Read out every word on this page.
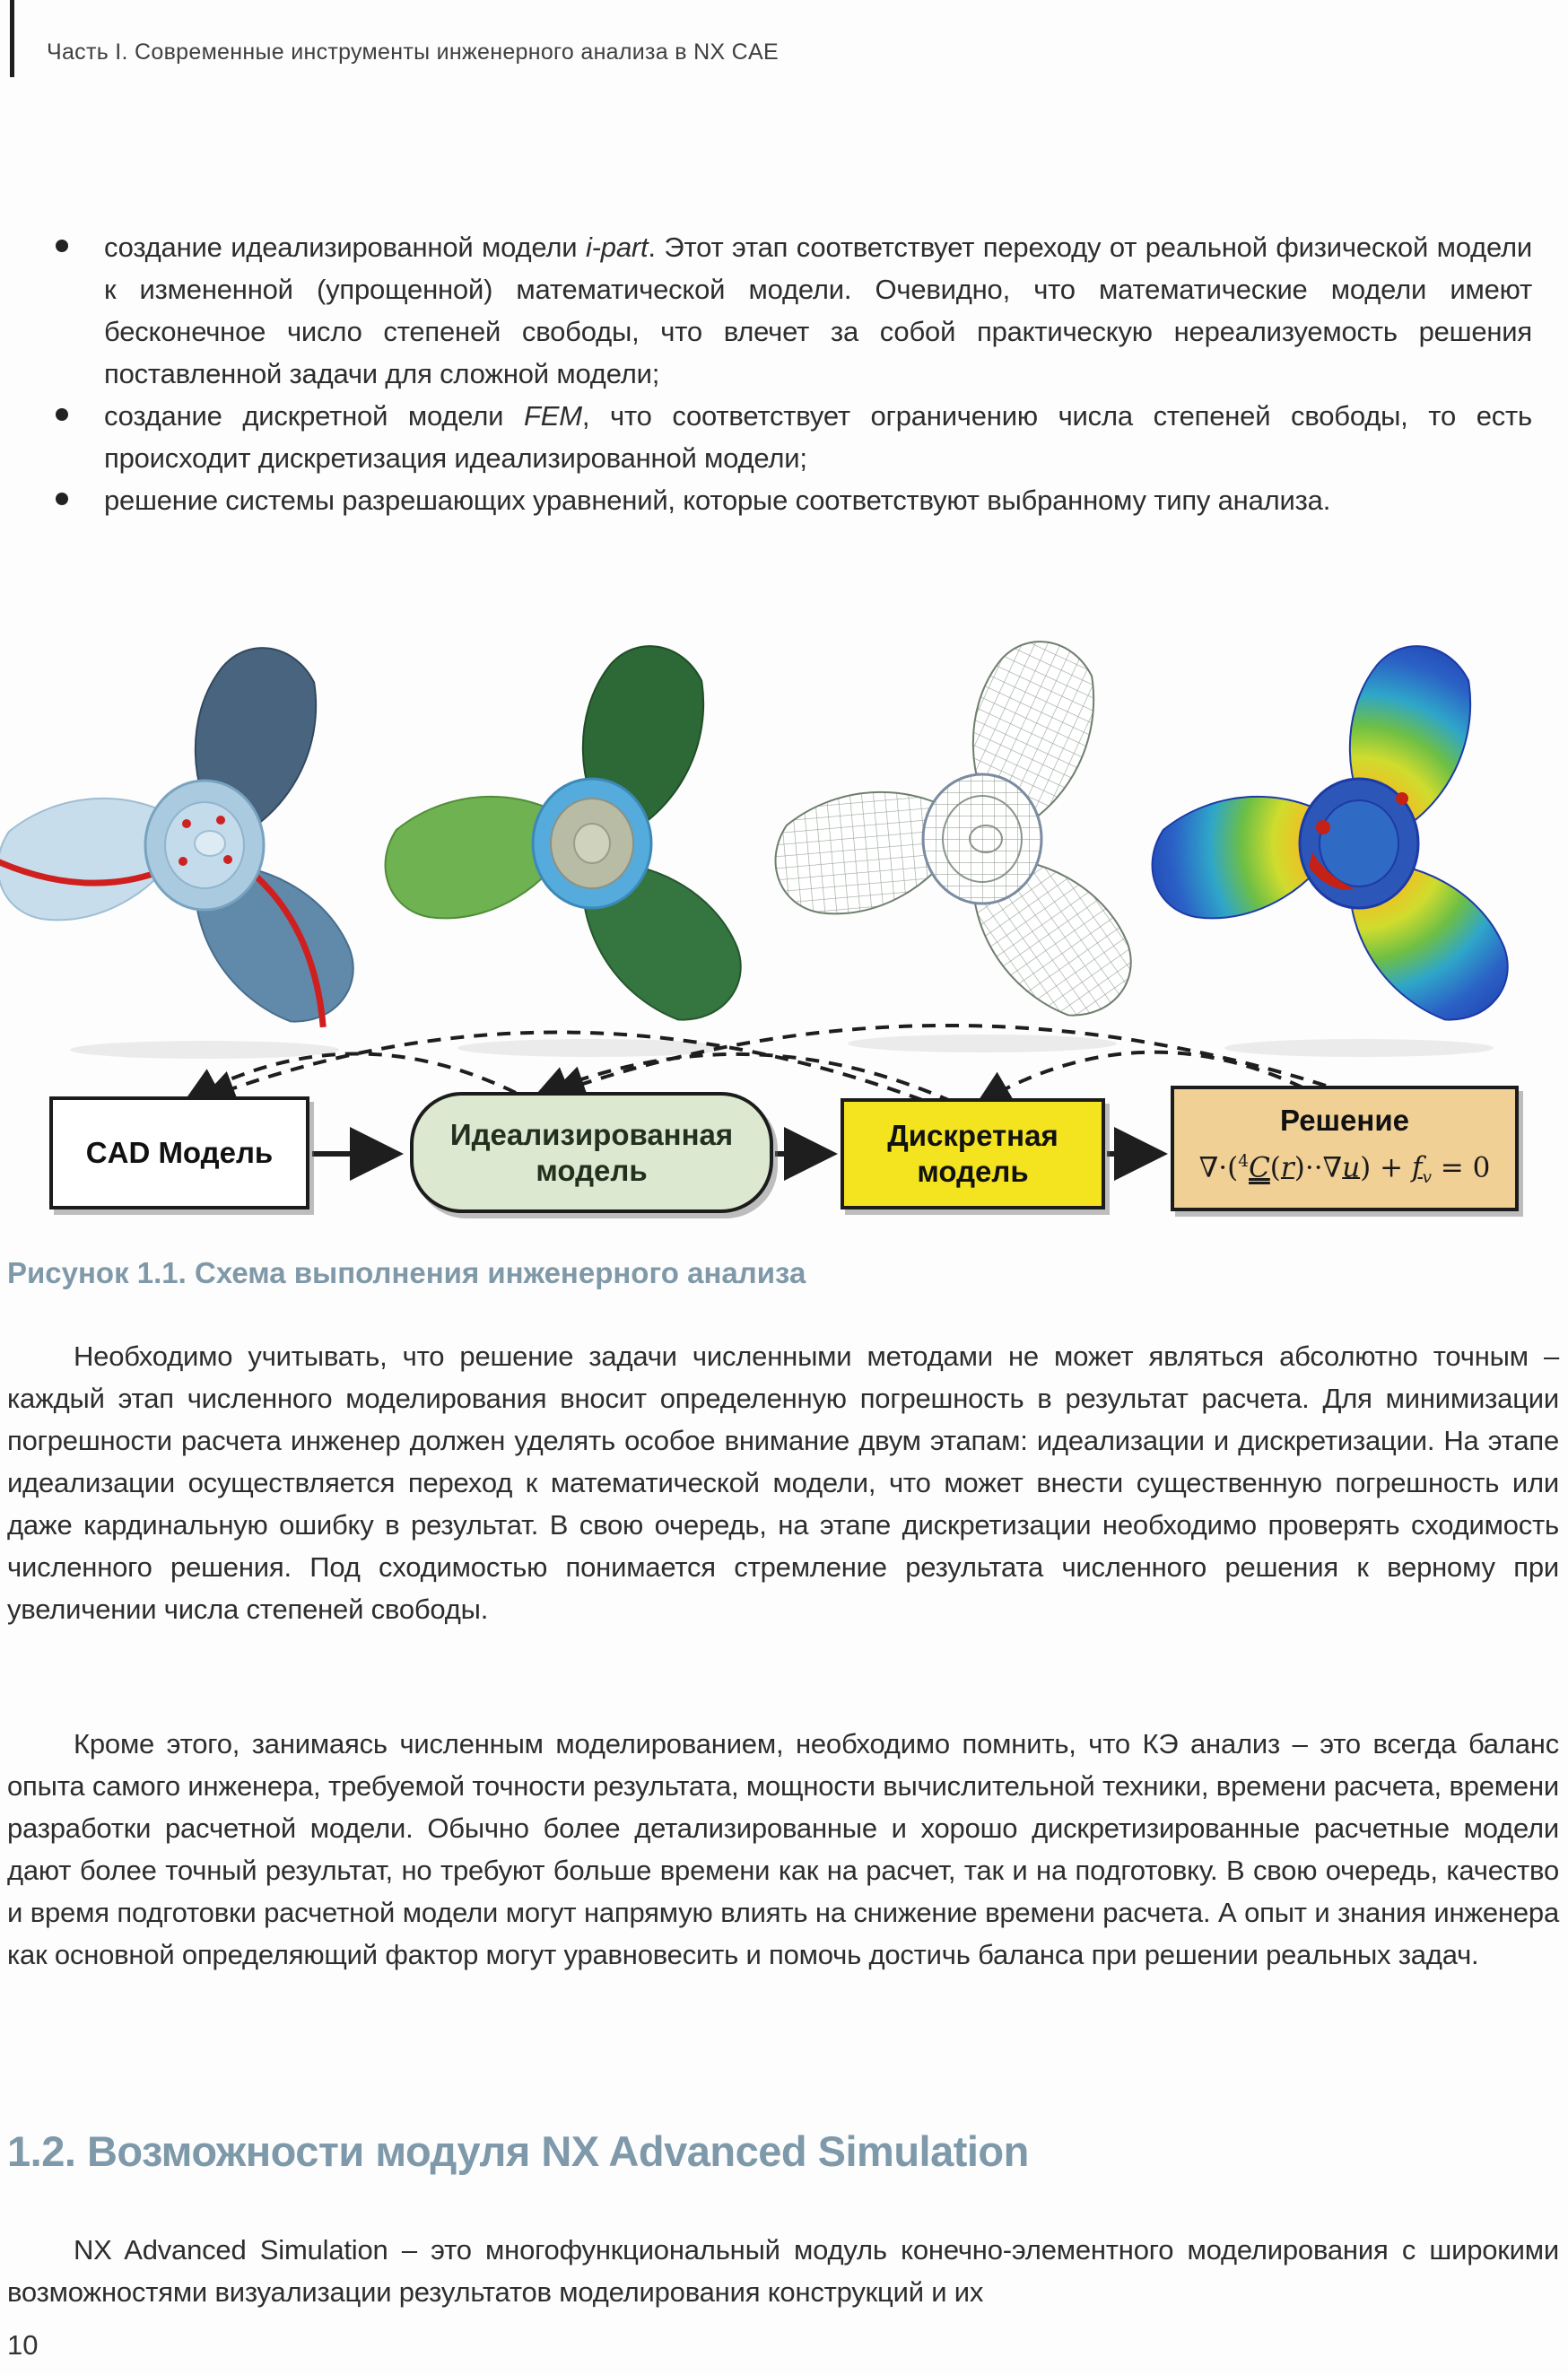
Часть I. Современные инструменты инженерного анализа в NX CAE
создание идеализированной модели i-part. Этот этап соответствует переходу от реальной физической модели к измененной (упрощенной) математической модели. Очевидно, что математические модели имеют бесконечное число степеней свободы, что влечет за собой практическую нереализуемость решения поставленной задачи для сложной модели;
создание дискретной модели FEM, что соответствует ограничению числа степеней свободы, то есть происходит дискретизация идеализированной модели;
решение системы разрешающих уравнений, которые соответствуют выбранному типу анализа.
CAD Модель
Идеализированная модель
Дискретная модель
Решение
$\nabla\cdot(^4C(r)\cdot\cdot\nabla u) + f_v = 0$
Рисунок 1.1. Схема выполнения инженерного анализа

Необходимо учитывать, что решение задачи численными методами не может являться абсолютно точным – каждый этап численного моделирования вносит определенную погрешность в результат расчета. Для минимизации погрешности расчета инженер должен уделять особое внимание двум этапам: идеализации и дискретизации. На этапе идеализации осуществляется переход к математической модели, что может внести существенную погрешность или даже кардинальную ошибку в результат. В свою очередь, на этапе дискретизации необходимо проверять сходимость численного решения. Под сходимостью понимается стремление результата численного решения к верному при увеличении числа степеней свободы.

Кроме этого, занимаясь численным моделированием, необходимо помнить, что КЭ анализ – это всегда баланс опыта самого инженера, требуемой точности результата, мощности вычислительной техники, времени расчета, времени разработки расчетной модели. Обычно более детализированные и хорошо дискретизированные расчетные модели дают более точный результат, но требуют больше времени как на расчет, так и на подготовку. В свою очередь, качество и время подготовки расчетной модели могут напрямую влиять на снижение времени расчета. А опыт и знания инженера как основной определяющий фактор могут уравновесить и помочь достичь баланса при решении реальных задач.

1.2. Возможности модуля NX Advanced Simulation

NX Advanced Simulation – это многофункциональный модуль конечно-элементного моделирования с широкими возможностями визуализации результатов моделирования конструкций и их

10
